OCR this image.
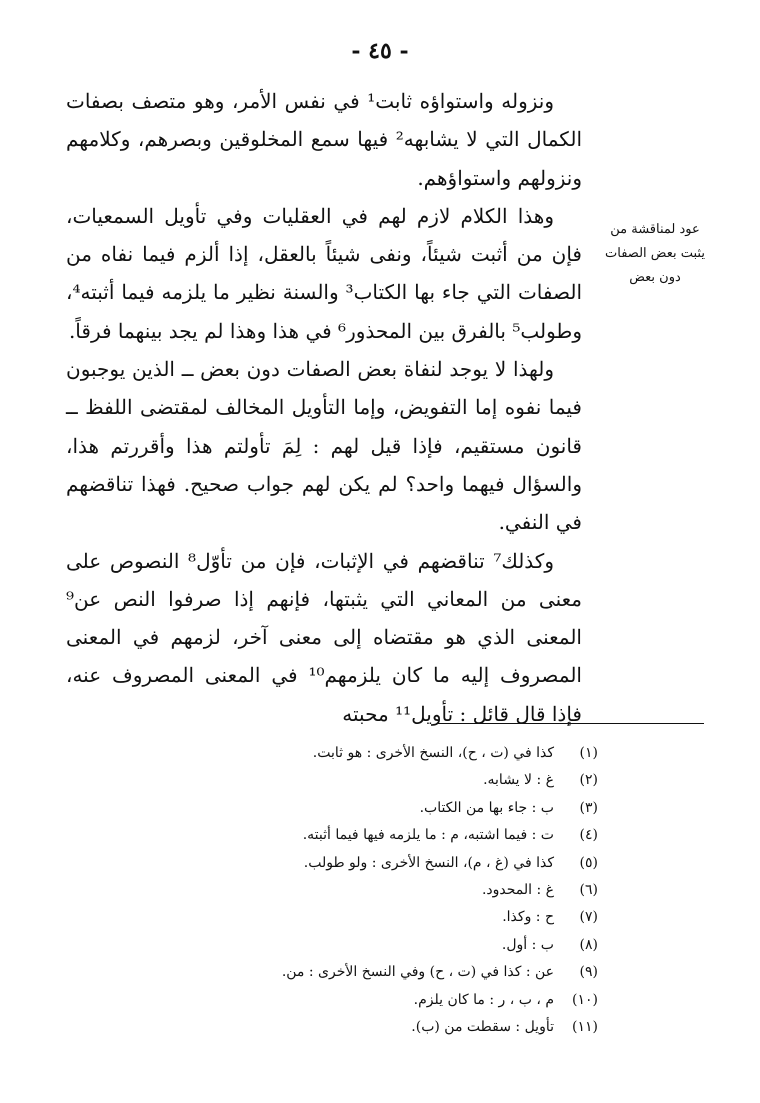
- ٤٥ -

ونزوله واستواؤه ثابت¹ في نفس الأمر، وهو متصف بصفات الكمال التي لا يشابهه² فيها سمع المخلوقين وبصرهم، وكلامهم ونزولهم واستواؤهم.

وهذا الكلام لازم لهم في العقليات وفي تأويل السمعيات، فإن من أثبت شيئاً، ونفى شيئاً بالعقل، إذا ألزم فيما نفاه من الصفات التي جاء بها الكتاب³ والسنة نظير ما يلزمه فيما أثبته⁴، وطولب⁵ بالفرق بين المحذور⁶ في هذا وهذا لم يجد بينهما فرقاً.

ولهذا لا يوجد لنفاة بعض الصفات دون بعض ــ الذين يوجبون فيما نفوه إما التفويض، وإما التأويل المخالف لمقتضى اللفظ ــ قانون مستقيم، فإذا قيل لهم : لِمَ تأولتم هذا وأقررتم هذا، والسؤال فيهما واحد؟ لم يكن لهم جواب صحيح. فهذا تناقضهم في النفي.

وكذلك⁷ تناقضهم في الإثبات، فإن من تأوّل⁸ النصوص على معنى من المعاني التي يثبتها، فإنهم إذا صرفوا النص عن⁹ المعنى الذي هو مقتضاه إلى معنى آخر، لزمهم في المعنى المصروف إليه ما كان يلزمهم¹⁰ في المعنى المصروف عنه، فإذا قال قائل : تأويل¹¹ محبته

عود لمناقشة من يثبت بعض الصفات دون بعض
(١)
كذا في (ت ، ح)، النسخ الأخرى : هو ثابت.
(٢)
غ : لا يشابه.
(٣)
ب : جاء بها من الكتاب.
(٤)
ت : فيما اشتبه، م : ما يلزمه فيها فيما أثبته.
(٥)
كذا في (غ ، م)، النسخ الأخرى : ولو طولب.
(٦)
غ : المحدود.
(٧)
ح : وكذا.
(٨)
ب : أول.
(٩)
عن : كذا في (ت ، ح) وفي النسخ الأخرى : من.
(١٠)
م ، ب ، ر : ما كان يلزم.
(١١)
تأويل : سقطت من (ب).
